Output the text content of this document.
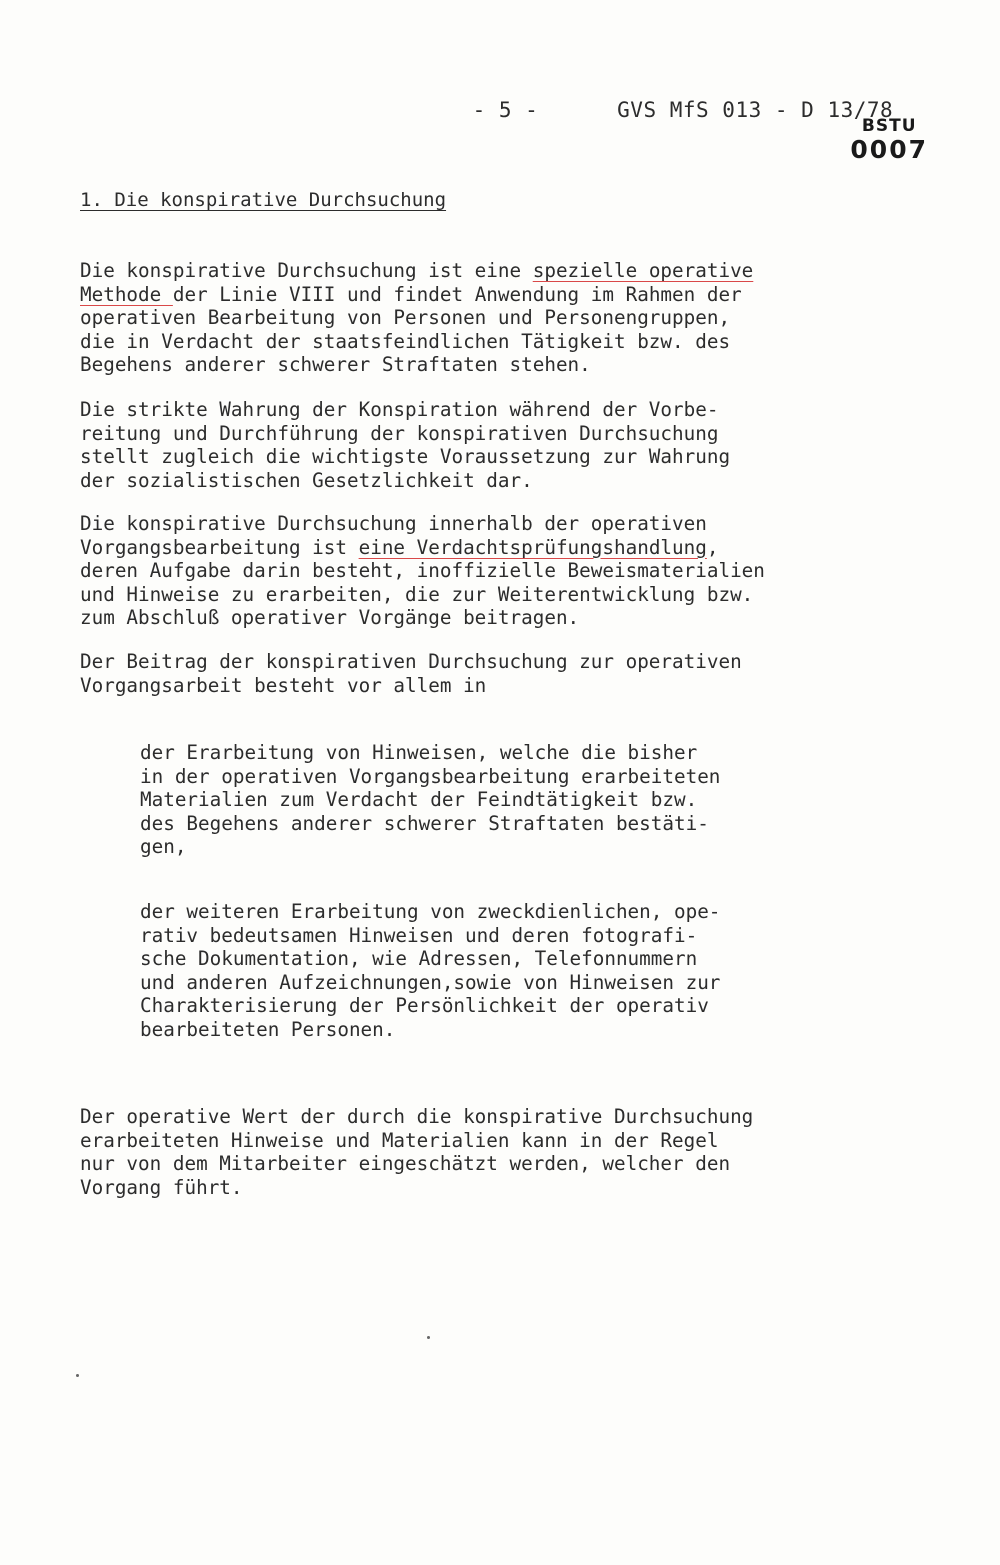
- 5 -	GVS MfS 013 - D 13/78

BSTU
0007
1. Die konspirative Durchsuchung
Die konspirative Durchsuchung ist eine spezielle operative
Methode der Linie VIII und findet Anwendung im Rahmen der
operativen Bearbeitung von Personen und Personengruppen,
die in Verdacht der staatsfeindlichen Tätigkeit bzw. des
Begehens anderer schwerer Straftaten stehen.
Die strikte Wahrung der Konspiration während der Vorbe-
reitung und Durchführung der konspirativen Durchsuchung
stellt zugleich die wichtigste Voraussetzung zur Wahrung
der sozialistischen Gesetzlichkeit dar.
Die konspirative Durchsuchung innerhalb der operativen
Vorgangsbearbeitung ist eine Verdachtsprüfungshandlung,
deren Aufgabe darin besteht, inoffizielle Beweismaterialien
und Hinweise zu erarbeiten, die zur Weiterentwicklung bzw.
zum Abschluß operativer Vorgänge beitragen.
Der Beitrag der konspirativen Durchsuchung zur operativen
Vorgangsarbeit besteht vor allem in
der Erarbeitung von Hinweisen, welche die bisher
in der operativen Vorgangsbearbeitung erarbeiteten
Materialien zum Verdacht der Feindtätigkeit bzw.
des Begehens anderer schwerer Straftaten bestäti-
gen,
der weiteren Erarbeitung von zweckdienlichen, ope-
rativ bedeutsamen Hinweisen und deren fotografi-
sche Dokumentation, wie Adressen, Telefonnummern
und anderen Aufzeichnungen,sowie von Hinweisen zur
Charakterisierung der Persönlichkeit der operativ
bearbeiteten Personen.
Der operative Wert der durch die konspirative Durchsuchung
erarbeiteten Hinweise und Materialien kann in der Regel
nur von dem Mitarbeiter eingeschätzt werden, welcher den
Vorgang führt.
